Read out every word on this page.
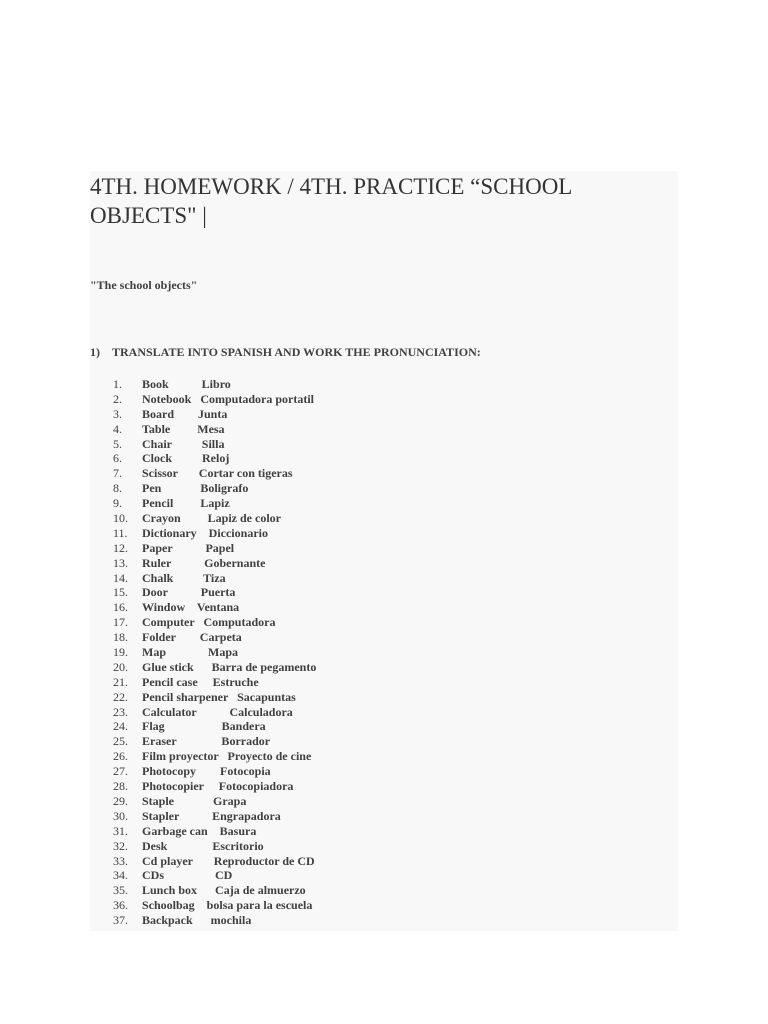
4TH. HOMEWORK / 4TH. PRACTICE “SCHOOL OBJECTS" |
"The school objects"
1) TRANSLATE INTO SPANISH AND WORK THE PRONUNCIATION:
1. Book           Libro
2. Notebook   Computadora portatil
3. Board        Junta
4. Table         Mesa
5. Chair          Silla
6. Clock          Reloj
7. Scissor       Cortar con tigeras
8. Pen             Boligrafo
9. Pencil         Lapiz
10. Crayon         Lapiz de color
11. Dictionary    Diccionario
12. Paper           Papel
13. Ruler           Gobernante
14. Chalk          Tiza
15. Door           Puerta
16. Window    Ventana
17. Computer   Computadora
18. Folder        Carpeta
19. Map              Mapa
20. Glue stick      Barra de pegamento
21. Pencil case     Estruche
22. Pencil sharpener   Sacapuntas
23. Calculator           Calculadora
24. Flag                   Bandera
25. Eraser               Borrador
26. Film proyector   Proyecto de cine
27. Photocopy        Fotocopia
28. Photocopier     Fotocopiadora
29. Staple             Grapa
30. Stapler           Engrapadora
31. Garbage can    Basura
32. Desk               Escritorio
33. Cd player       Reproductor de CD
34. CDs                 CD
35. Lunch box      Caja de almuerzo
36. Schoolbag    bolsa para la escuela
37. Backpack      mochila
